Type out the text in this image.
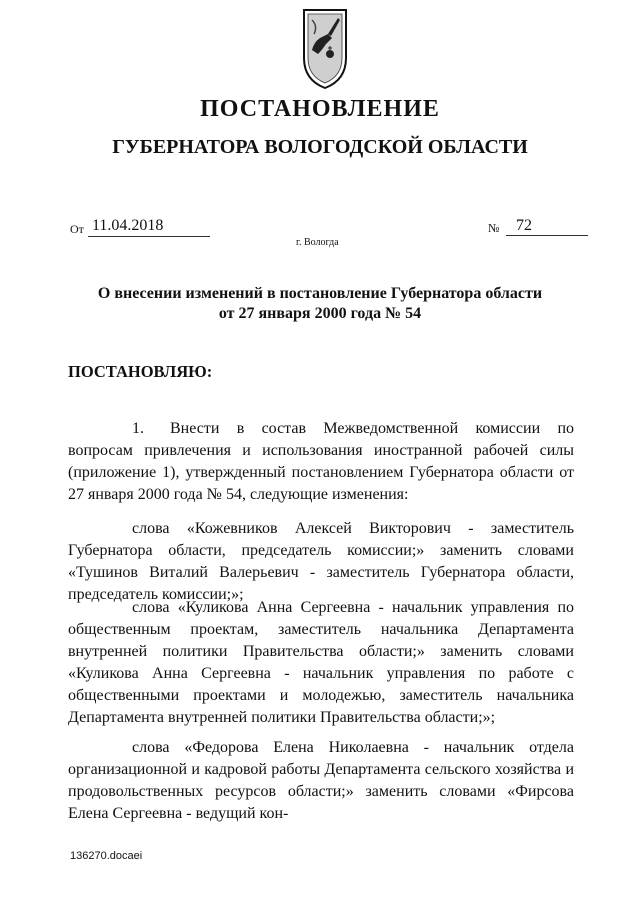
ПОСТАНОВЛЕНИЕ
ГУБЕРНАТОРА ВОЛОГОДСКОЙ ОБЛАСТИ
От 11.04.2018	№	72
г. Вологда
О внесении изменений в постановление Губернатора области
от 27 января 2000 года № 54
ПОСТАНОВЛЯЮ:
1. Внести в состав Межведомственной комиссии по вопросам привлечения и использования иностранной рабочей силы (приложение 1), утвержденный постановлением Губернатора области от 27 января 2000 года № 54, следующие изменения:
слова «Кожевников Алексей Викторович - заместитель Губернатора области, председатель комиссии;» заменить словами «Тушинов Виталий Валерьевич - заместитель Губернатора области, председатель комиссии;»;
слова «Куликова Анна Сергеевна - начальник управления по общественным проектам, заместитель начальника Департамента внутренней политики Правительства области;» заменить словами «Куликова Анна Сергеевна - начальник управления по работе с общественными проектами и молодежью, заместитель начальника Департамента внутренней политики Правительства области;»;
слова «Федорова Елена Николаевна - начальник отдела организационной и кадровой работы Департамента сельского хозяйства и продовольственных ресурсов области;» заменить словами «Фирсова Елена Сергеевна - ведущий кон-
136270.docaei
